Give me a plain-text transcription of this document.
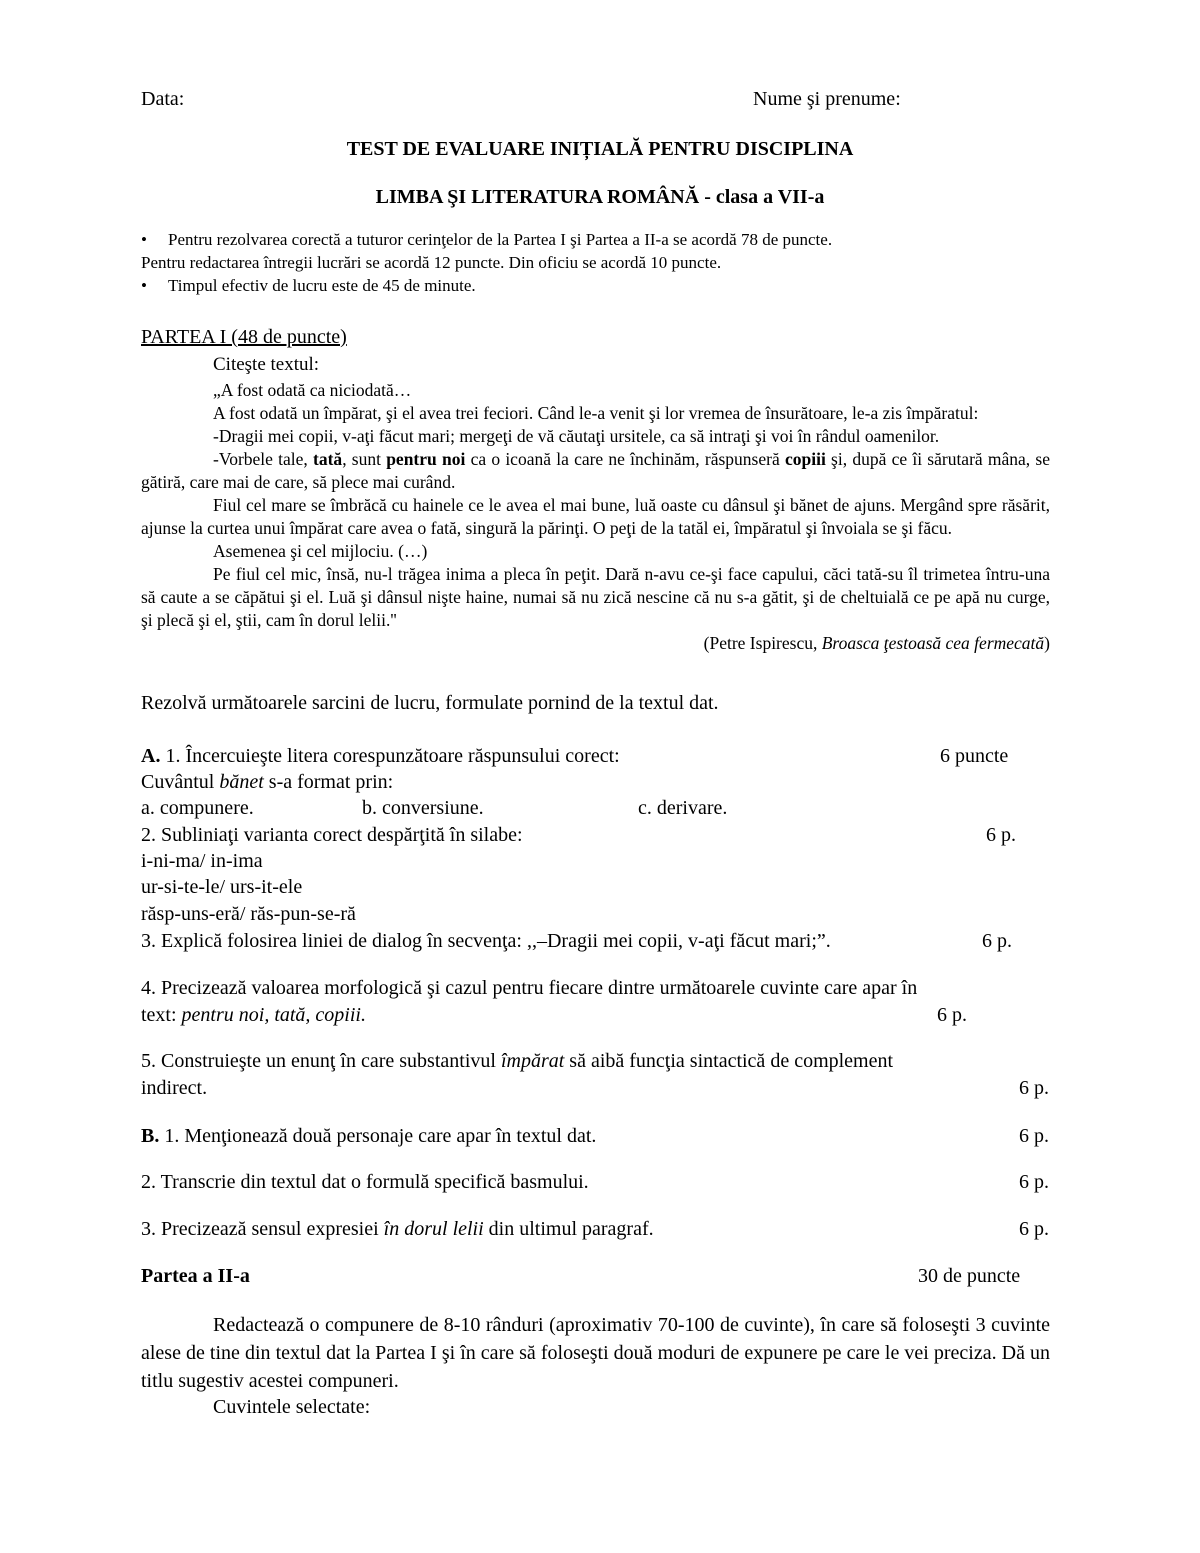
Data:	Nume şi prenume:
TEST DE EVALUARE INIȚIALĂ PENTRU DISCIPLINA
LIMBA ŞI LITERATURA ROMÂNĂ - clasa a VII-a
• Pentru rezolvarea corectă a tuturor cerinţelor de la Partea I şi Partea a II-a se acordă 78 de puncte.
Pentru redactarea întregii lucrări se acordă 12 puncte. Din oficiu se acordă 10 puncte.
• Timpul efectiv de lucru este de 45 de minute.
PARTEA I (48 de puncte)
Citeşte textul:

„A fost odată ca niciodată…

A fost odată un împărat, şi el avea trei feciori. Când le-a venit şi lor vremea de însurătoare, le-a zis împăratul:

-Dragii mei copii, v-aţi făcut mari; mergeţi de vă căutaţi ursitele, ca să intraţi şi voi în rândul oamenilor.

-Vorbele tale, tată, sunt pentru noi ca o icoană la care ne închinăm, răspunseră copiii şi, după ce îi sărutară mâna, se gătiră, care mai de care, să plece mai curând.

Fiul cel mare se îmbrăcă cu hainele ce le avea el mai bune, luă oaste cu dânsul şi bănet de ajuns. Mergând spre răsărit, ajunse la curtea unui împărat care avea o fată, singură la părinţi. O peţi de la tatăl ei, împăratul şi învoiala se şi făcu.

Asemenea şi cel mijlociu. (…)

Pe fiul cel mic, însă, nu-l trăgea inima a pleca în peţit. Dară n-avu ce-şi face capului, căci tată-su îl trimetea întru-una să caute a se căpătui şi el. Luă şi dânsul nişte haine, numai să nu zică nescine că nu s-a gătit, şi de cheltuială ce pe apă nu curge, şi plecă şi el, ştii, cam în dorul lelii.''

(Petre Ispirescu, Broasca ţestoasă cea fermecată)

Rezolvă următoarele sarcini de lucru, formulate pornind de la textul dat.
A. 1. Încercuieşte litera corespunzătoare răspunsului corect:	6 puncte
Cuvântul bănet s-a format prin:
a. compunere.	b. conversiune.	c. derivare.
2. Subliniaţi varianta corect despărţită în silabe:	6 p.
i-ni-ma/ in-ima
ur-si-te-le/ urs-it-ele
răsp-uns-eră/ răs-pun-se-ră
3. Explică folosirea liniei de dialog în secvenţa: ,,–Dragii mei copii, v-aţi făcut mari;”.	6 p.
4. Precizează valoarea morfologică şi cazul pentru fiecare dintre următoarele cuvinte care apar în
text: pentru noi, tată, copiii.	6 p.
5. Construieşte un enunţ în care substantivul împărat să aibă funcţia sintactică de complement
indirect.	6 p.
B. 1. Menţionează două personaje care apar în textul dat.	6 p.
2. Transcrie din textul dat o formulă specifică basmului.	6 p.
3. Precizează sensul expresiei în dorul lelii din ultimul paragraf.	6 p.
Partea a II-a	30 de puncte
Redactează o compunere de 8-10 rânduri (aproximativ 70-100 de cuvinte), în care să foloseşti 3 cuvinte alese de tine din textul dat la Partea I şi în care să foloseşti două moduri de expunere pe care le vei preciza. Dă un titlu sugestiv acestei compuneri.
Cuvintele selectate:
